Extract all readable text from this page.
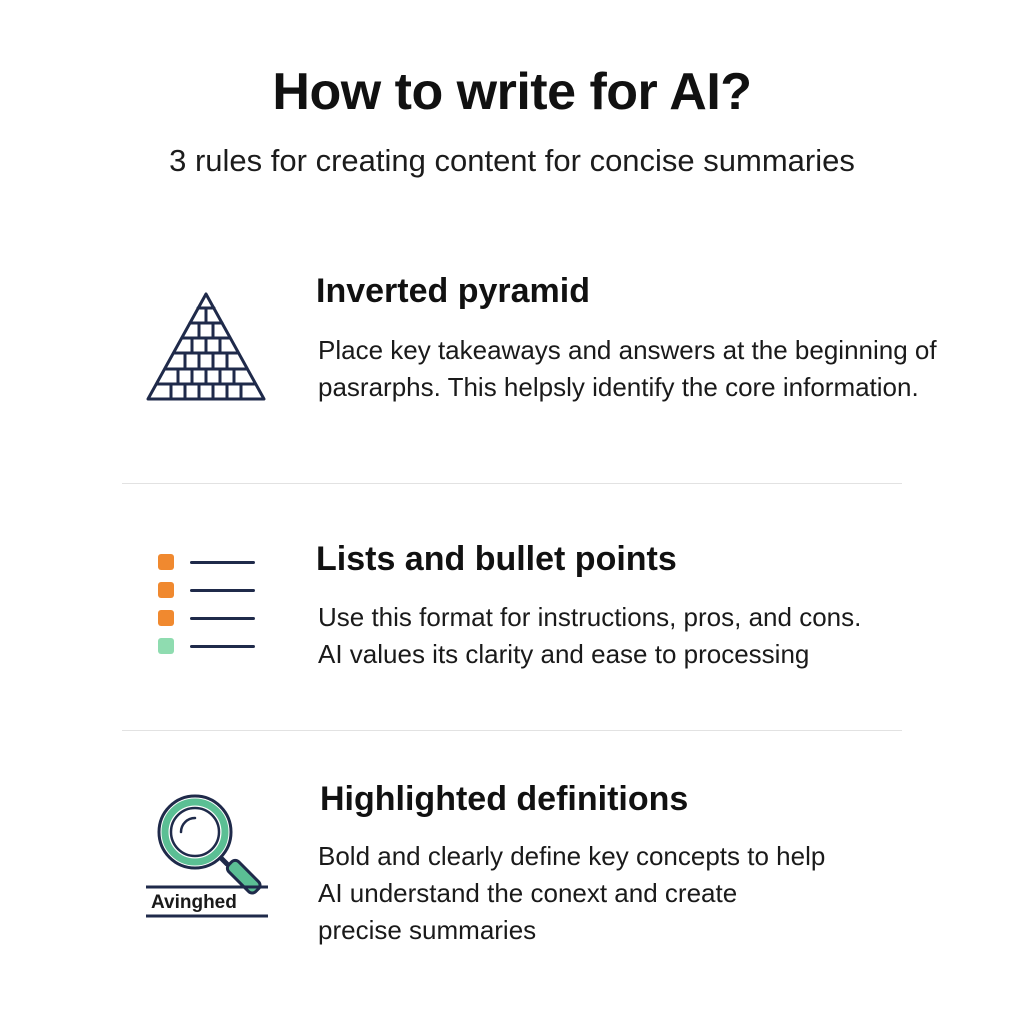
How to write for AI?
3 rules for creating content for concise summaries
Inverted pyramid
Place key takeaways and answers at the beginning of
pasrarphs. This helpsly identify the core information.
Lists and bullet points
Use this format for instructions, pros, and cons.
AI values its clarity and ease to processing
Avinghed
Highlighted definitions
Bold and clearly define key concepts to help
AI understand the conext and create
precise summaries
